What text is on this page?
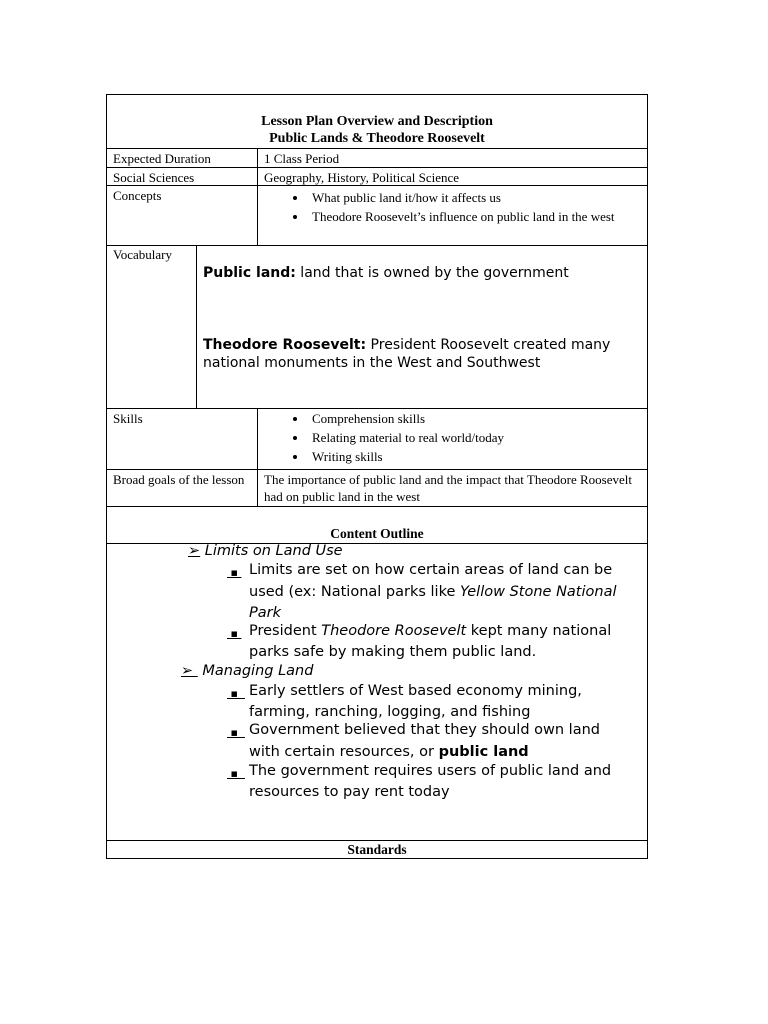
Lesson Plan Overview and Description
Public Lands & Theodore Roosevelt
Expected Duration	1 Class Period
Social Sciences	Geography, History, Political Science
Concepts	• What public land it/how it affects us
• Theodore Roosevelt’s influence on public land in the west
Vocabulary
Public land: land that is owned by the government
Theodore Roosevelt: President Roosevelt created many national monuments in the West and Southwest
Skills	• Comprehension skills
• Relating material to real world/today
• Writing skills
Broad goals of the lesson	The importance of public land and the impact that Theodore Roosevelt had on public land in the west
Content Outline
➢ Limits on Land Use
▪ Limits are set on how certain areas of land can be
used (ex: National parks like Yellow Stone National
Park
▪ President Theodore Roosevelt kept many national
parks safe by making them public land.
➢  Managing Land
▪ Early settlers of West based economy mining,
farming, ranching, logging, and fishing
▪ Government believed that they should own land
with certain resources, or public land
▪ The government requires users of public land and
resources to pay rent today
Standards
